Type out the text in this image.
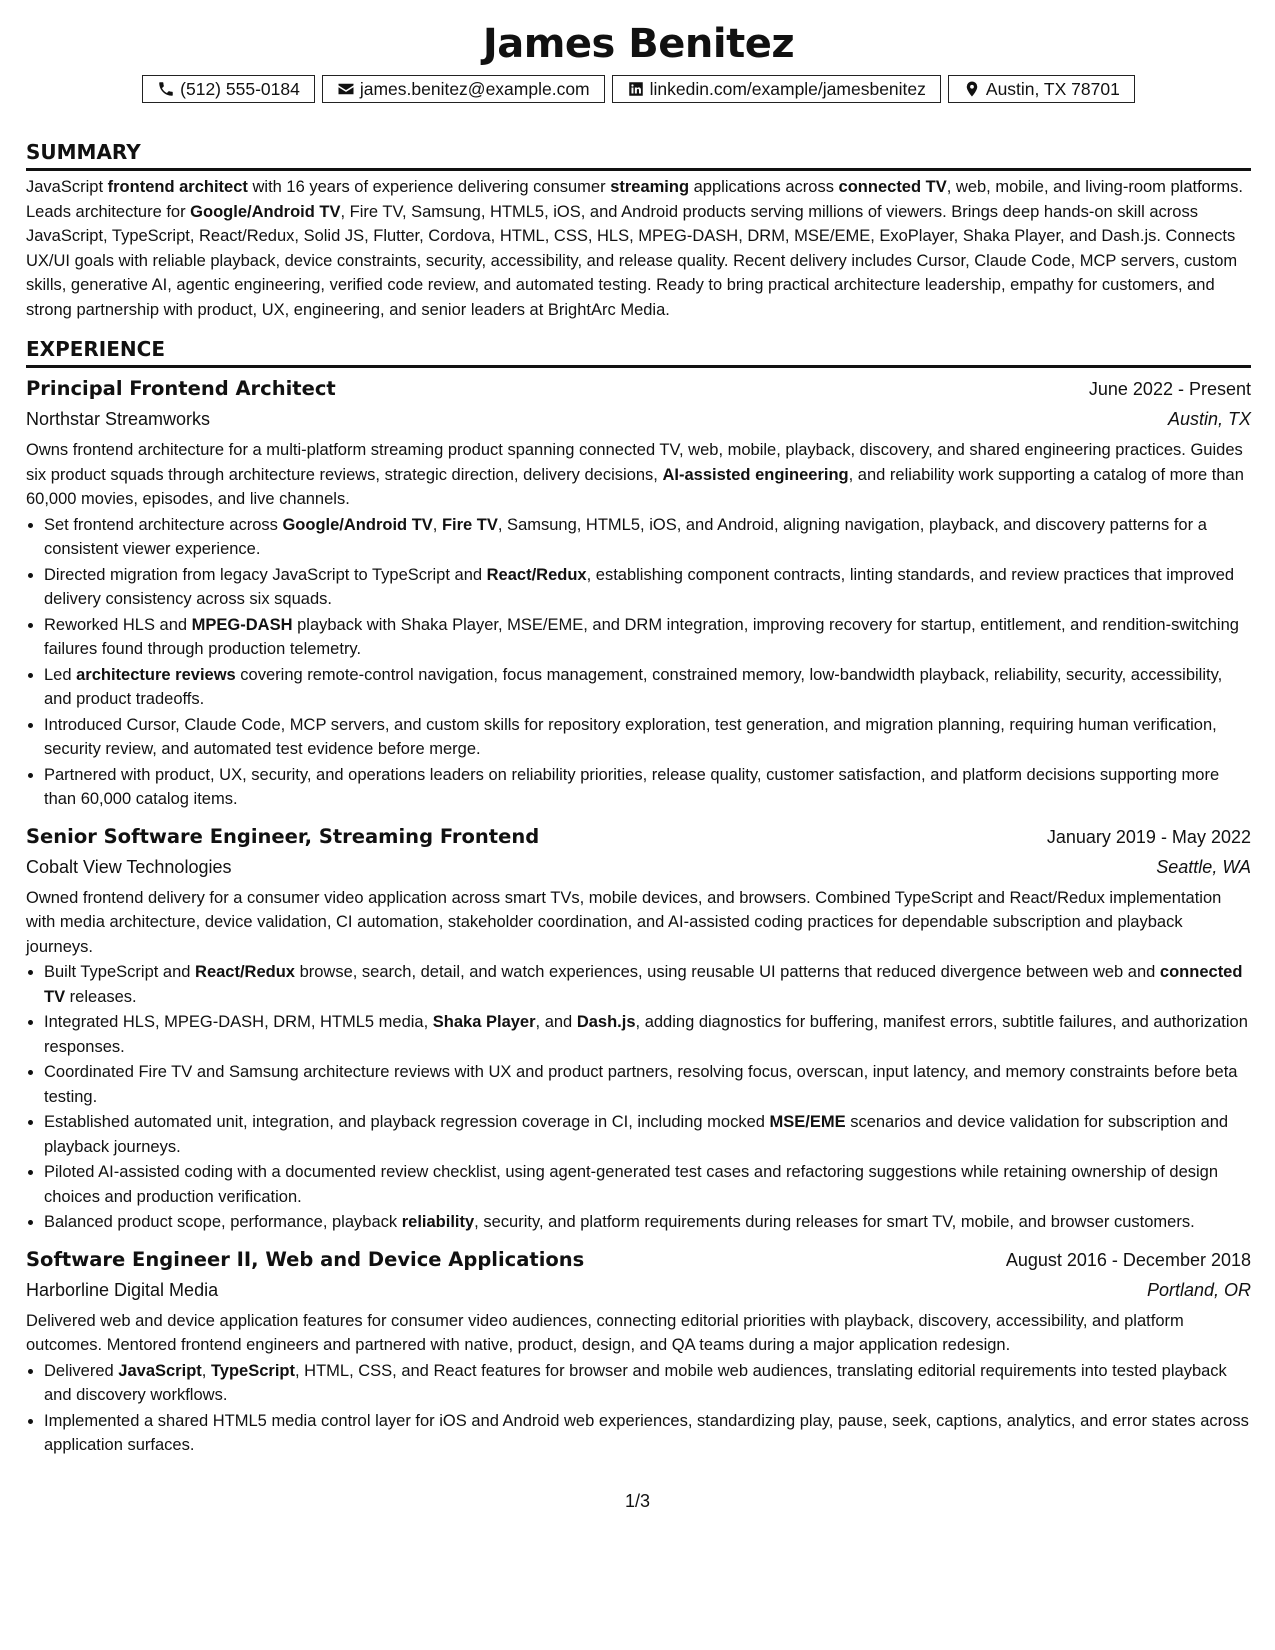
James Benitez
(512) 555-0184	james.benitez@example.com	linkedin.com/example/jamesbenitez	Austin, TX 78701
SUMMARY

JavaScript frontend architect with 16 years of experience delivering consumer streaming applications across connected TV, web, mobile, and living-room platforms. Leads architecture for Google/Android TV, Fire TV, Samsung, HTML5, iOS, and Android products serving millions of viewers. Brings deep hands-on skill across JavaScript, TypeScript, React/Redux, Solid JS, Flutter, Cordova, HTML, CSS, HLS, MPEG-DASH, DRM, MSE/EME, ExoPlayer, Shaka Player, and Dash.js. Connects UX/UI goals with reliable playback, device constraints, security, accessibility, and release quality. Recent delivery includes Cursor, Claude Code, MCP servers, custom skills, generative AI, agentic engineering, verified code review, and automated testing. Ready to bring practical architecture leadership, empathy for customers, and strong partnership with product, UX, engineering, and senior leaders at BrightArc Media.

EXPERIENCE
Principal Frontend Architect	June 2022 - Present
Northstar Streamworks	Austin, TX

Owns frontend architecture for a multi-platform streaming product spanning connected TV, web, mobile, playback, discovery, and shared engineering practices. Guides six product squads through architecture reviews, strategic direction, delivery decisions, AI-assisted engineering, and reliability work supporting a catalog of more than 60,000 movies, episodes, and live channels.

• Set frontend architecture across Google/Android TV, Fire TV, Samsung, HTML5, iOS, and Android, aligning navigation, playback, and discovery patterns for a consistent viewer experience.
• Directed migration from legacy JavaScript to TypeScript and React/Redux, establishing component contracts, linting standards, and review practices that improved delivery consistency across six squads.
• Reworked HLS and MPEG-DASH playback with Shaka Player, MSE/EME, and DRM integration, improving recovery for startup, entitlement, and rendition-switching failures found through production telemetry.
• Led architecture reviews covering remote-control navigation, focus management, constrained memory, low-bandwidth playback, reliability, security, accessibility, and product tradeoffs.
• Introduced Cursor, Claude Code, MCP servers, and custom skills for repository exploration, test generation, and migration planning, requiring human verification, security review, and automated test evidence before merge.
• Partnered with product, UX, security, and operations leaders on reliability priorities, release quality, customer satisfaction, and platform decisions supporting more than 60,000 catalog items.
Senior Software Engineer, Streaming Frontend	January 2019 - May 2022
Cobalt View Technologies	Seattle, WA

Owned frontend delivery for a consumer video application across smart TVs, mobile devices, and browsers. Combined TypeScript and React/Redux implementation with media architecture, device validation, CI automation, stakeholder coordination, and AI-assisted coding practices for dependable subscription and playback journeys.

• Built TypeScript and React/Redux browse, search, detail, and watch experiences, using reusable UI patterns that reduced divergence between web and connected TV releases.
• Integrated HLS, MPEG-DASH, DRM, HTML5 media, Shaka Player, and Dash.js, adding diagnostics for buffering, manifest errors, subtitle failures, and authorization responses.
• Coordinated Fire TV and Samsung architecture reviews with UX and product partners, resolving focus, overscan, input latency, and memory constraints before beta testing.
• Established automated unit, integration, and playback regression coverage in CI, including mocked MSE/EME scenarios and device validation for subscription and playback journeys.
• Piloted AI-assisted coding with a documented review checklist, using agent-generated test cases and refactoring suggestions while retaining ownership of design choices and production verification.
• Balanced product scope, performance, playback reliability, security, and platform requirements during releases for smart TV, mobile, and browser customers.
Software Engineer II, Web and Device Applications	August 2016 - December 2018
Harborline Digital Media	Portland, OR

Delivered web and device application features for consumer video audiences, connecting editorial priorities with playback, discovery, accessibility, and platform outcomes. Mentored frontend engineers and partnered with native, product, design, and QA teams during a major application redesign.

• Delivered JavaScript, TypeScript, HTML, CSS, and React features for browser and mobile web audiences, translating editorial requirements into tested playback and discovery workflows.
• Implemented a shared HTML5 media control layer for iOS and Android web experiences, standardizing play, pause, seek, captions, analytics, and error states across application surfaces.
1/3
